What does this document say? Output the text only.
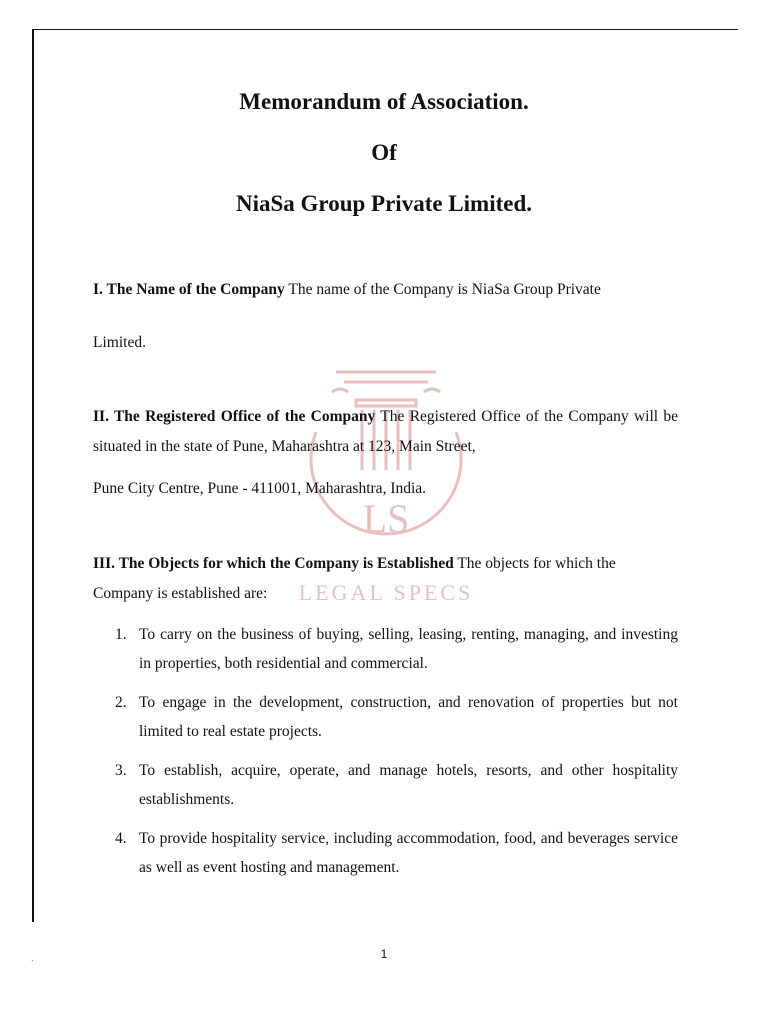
LS
LEGAL SPECS
Memorandum of Association.
Of
NiaSa Group Private Limited.
I. The Name of the Company The name of the Company is NiaSa Group Private
Limited.
II. The Registered Office of the Company The Registered Office of the Company will be situated in the state of Pune, Maharashtra at 123, Main Street,
Pune City Centre, Pune - 411001, Maharashtra, India.
III. The Objects for which the Company is Established The objects for which the Company is established are:
1. To carry on the business of buying, selling, leasing, renting, managing, and investing in properties, both residential and commercial.
2. To engage in the development, construction, and renovation of properties but not limited to real estate projects.
3. To establish, acquire, operate, and manage hotels, resorts, and other hospitality establishments.
4. To provide hospitality service, including accommodation, food, and beverages service as well as event hosting and management.
.	1
